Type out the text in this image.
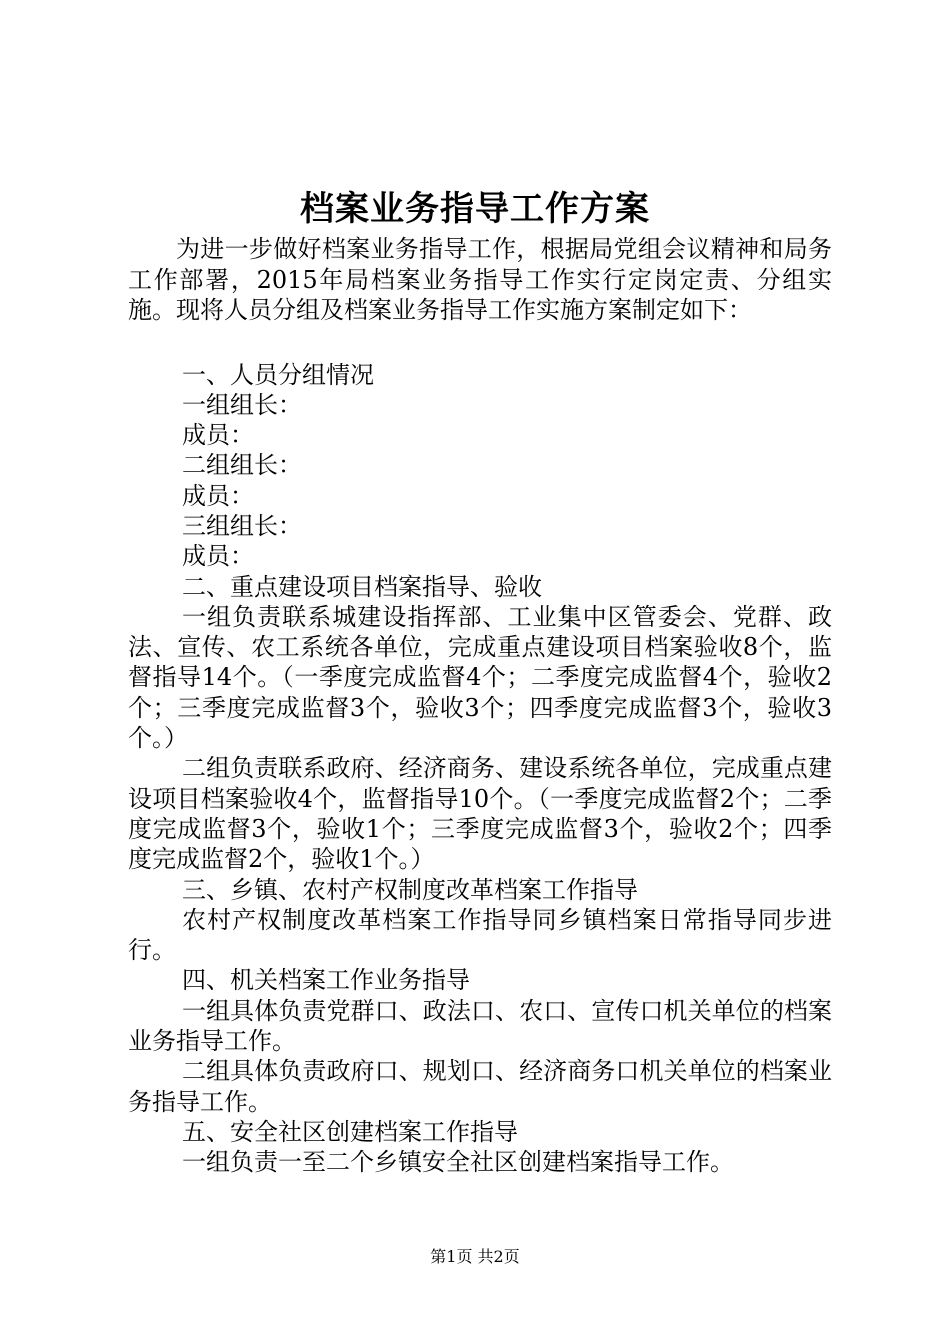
档案业务指导工作方案

为进一步做好档案业务指导工作，根据局党组会议精神和局务工作部署，2015年局档案业务指导工作实行定岗定责、分组实施。现将人员分组及档案业务指导工作实施方案制定如下：

一、人员分组情况

一组组长：

成员：

二组组长：

成员：

三组组长：

成员：

二、重点建设项目档案指导、验收

一组负责联系城建设指挥部、工业集中区管委会、党群、政法、宣传、农工系统各单位，完成重点建设项目档案验收8个，监督指导14个。（一季度完成监督4个；二季度完成监督4个，验收2个；三季度完成监督3个，验收3个；四季度完成监督3个，验收3个。）

二组负责联系政府、经济商务、建设系统各单位，完成重点建设项目档案验收4个，监督指导10个。（一季度完成监督2个；二季度完成监督3个，验收1个；三季度完成监督3个，验收2个；四季度完成监督2个，验收1个。）

三、乡镇、农村产权制度改革档案工作指导

农村产权制度改革档案工作指导同乡镇档案日常指导同步进行。

四、机关档案工作业务指导

一组具体负责党群口、政法口、农口、宣传口机关单位的档案业务指导工作。

二组具体负责政府口、规划口、经济商务口机关单位的档案业务指导工作。

五、安全社区创建档案工作指导

一组负责一至二个乡镇安全社区创建档案指导工作。

第1页 共2页
